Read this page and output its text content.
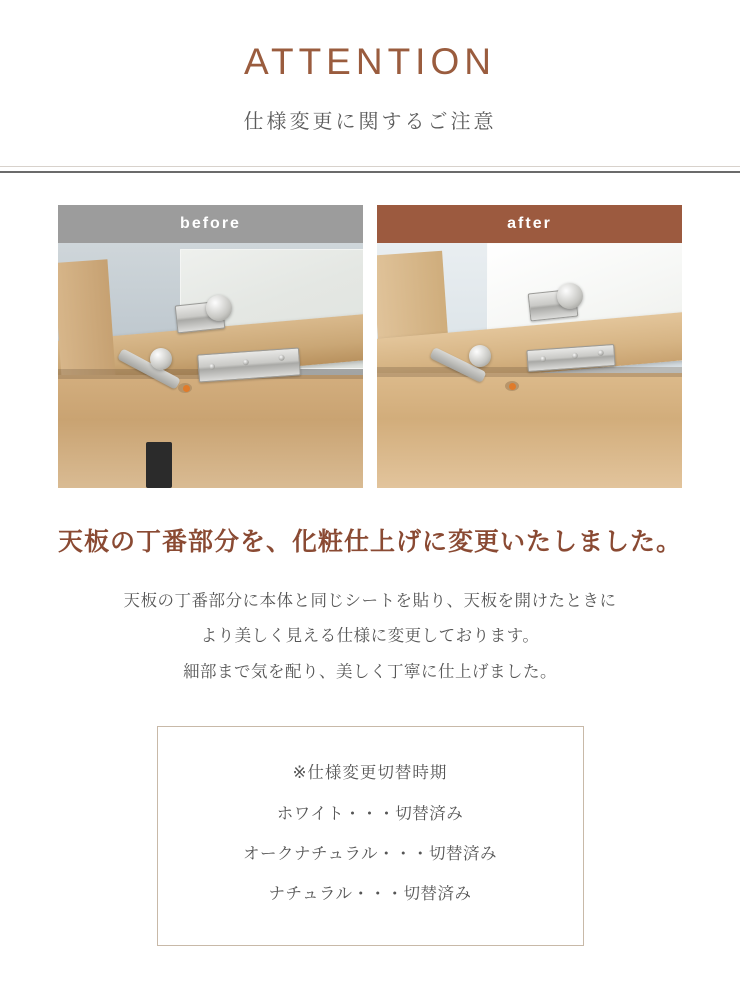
ATTENTION
仕様変更に関するご注意
before	after
天板の丁番部分を、化粧仕上げに変更いたしました。
天板の丁番部分に本体と同じシートを貼り、天板を開けたときに
より美しく見える仕様に変更しております。
細部まで気を配り、美しく丁寧に仕上げました。
※仕様変更切替時期
ホワイト・・・切替済み
オークナチュラル・・・切替済み
ナチュラル・・・切替済み
